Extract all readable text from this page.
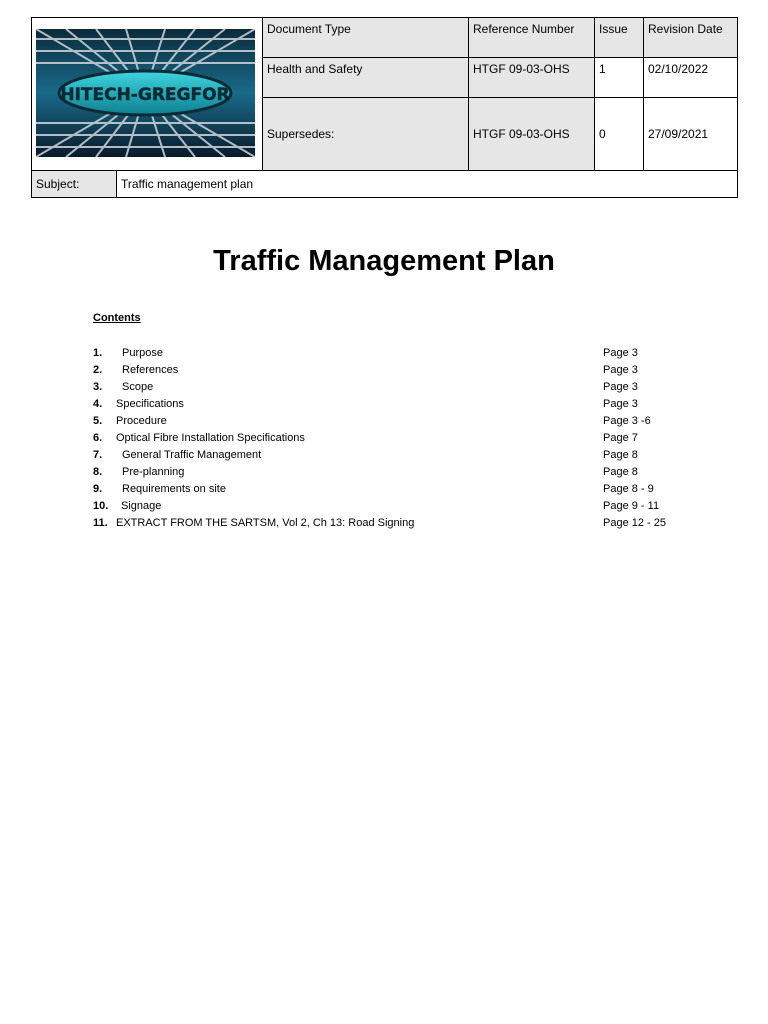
HITECH-GREGFOR	Document Type	Reference Number	Issue	Revision Date
	Health and Safety	HTGF 09-03-OHS	1	02/10/2022
	Supersedes:	HTGF 09-03-OHS	0	27/09/2021
Subject:	Traffic management plan
Traffic Management Plan
Contents
1. Purpose	Page 3
2. References	Page 3
3. Scope	Page 3
4. Specifications	Page 3
5. Procedure	Page 3 -6
6. Optical Fibre Installation Specifications	Page 7
7. General Traffic Management	Page 8
8. Pre-planning	Page 8
9. Requirements on site	Page 8 - 9
10. Signage	Page 9 - 11
11. EXTRACT FROM THE SARTSM, Vol 2, Ch 13: Road Signing	Page 12 - 25
